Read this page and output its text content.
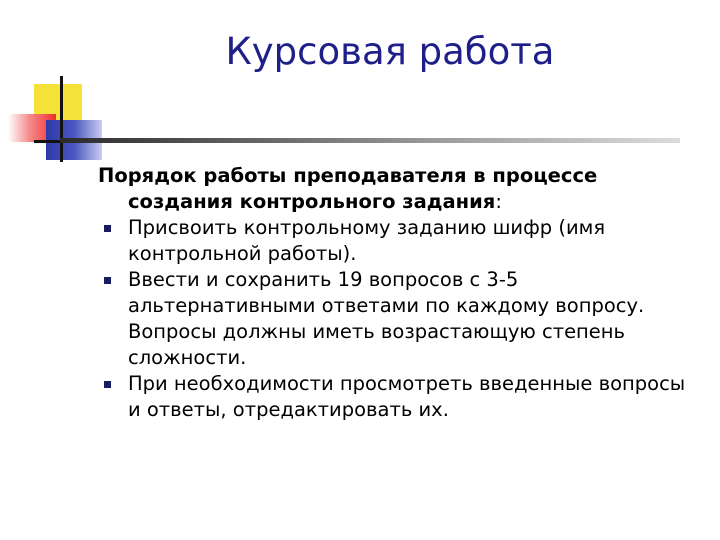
Курсовая работа

Порядок работы преподавателя в процессе создания контрольного задания:

Присвоить контрольному заданию шифр (имя контрольной работы).
Ввести и сохранить 19 вопросов с 3-5 альтернативными ответами по каждому вопросу. Вопросы должны иметь возрастающую степень сложности.
При необходимости просмотреть введенные вопросы и ответы, отредактировать их.
